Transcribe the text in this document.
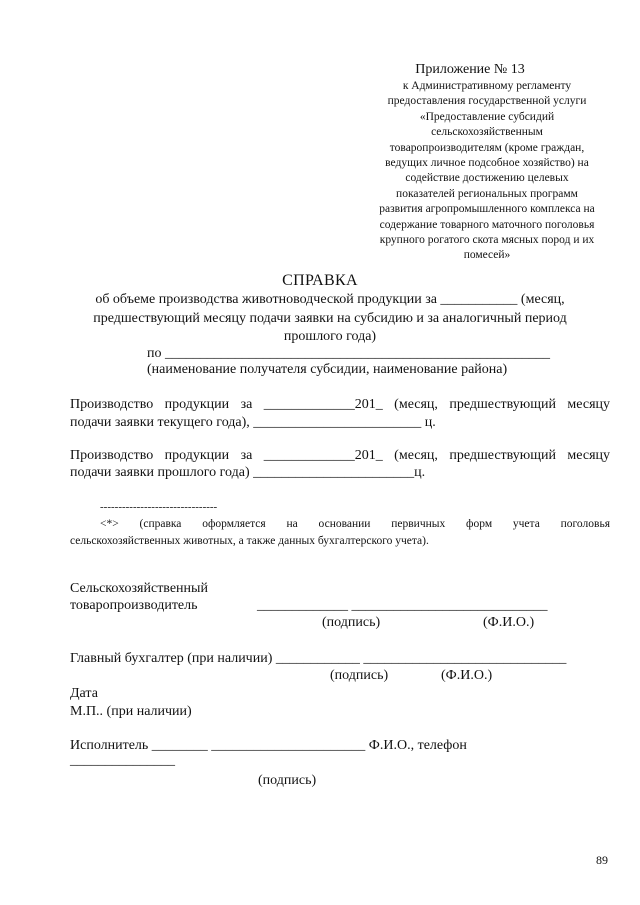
Приложение № 13
к Административному регламенту
предоставления государственной услуги
«Предоставление субсидий
сельскохозяйственным
товаропроизводителям (кроме граждан,
ведущих личное подсобное хозяйство) на
содействие достижению целевых
показателей региональных программ
развития агропромышленного комплекса на
содержание товарного маточного поголовья
крупного рогатого скота мясных пород и их
помесей»
СПРАВКА
об объеме производства животноводческой продукции за ___________ (месяц,
предшествующий месяцу подачи заявки на субсидию и за аналогичный период
прошлого года)
по _______________________________________________________
(наименование получателя субсидии, наименование района)
Производство продукции за _____________201_ (месяц, предшествующий месяцу
подачи заявки текущего года), ________________________ ц.
Производство продукции за _____________201_ (месяц, предшествующий месяцу
подачи заявки прошлого года) _______________________ц.
--------------------------------
<*> (справка оформляется на основании первичных форм учета поголовья
сельскохозяйственных животных, а также данных бухгалтерского учета).
Сельскохозяйственный
товаропроизводитель	_____________ ____________________________
(подпись)	(Ф.И.О.)
Главный бухгалтер (при наличии) ____________ _____________________________
(подпись)	(Ф.И.О.)
Дата
М.П.. (при наличии)
Исполнитель ________ ______________________ Ф.И.О., телефон
_______________
(подпись)
89
